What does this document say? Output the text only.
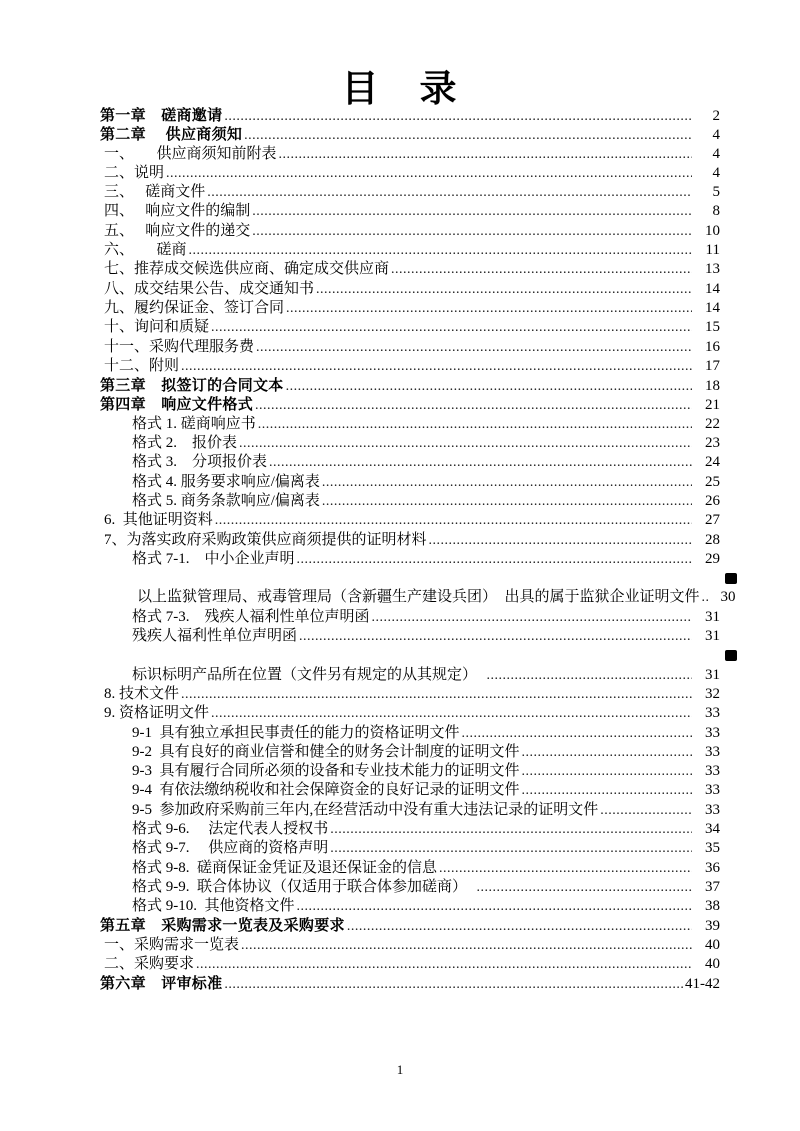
目　录
第一章　磋商邀请 .....	2
第二章　 供应商须知 .....	4
一、　　供应商须知前附表 .....	4
二、说明 .....	4
三、　 磋商文件 .....	5
四、　 响应文件的编制 .....	8
五、　 响应文件的递交 .....	10
六、　　磋商 .....	11
七、推荐成交候选供应商、确定成交供应商 .....	13
八、成交结果公告、成交通知书 .....	14
九、履约保证金、签订合同 .....	14
十、询问和质疑 .....	15
十一、采购代理服务费 .....	16
十二、附则 .....	17
第三章　拟签订的合同文本 .....	18
第四章　响应文件格式 .....	21
格式 1. 磋商响应书 .....	22
格式 2.　报价表 .....	23
格式 3.　分项报价表 .....	24
格式 4. 服务要求响应/偏离表 .....	25
格式 5. 商务条款响应/偏离表 .....	26
6.  其他证明资料 .....	27
7、为落实政府采购政策供应商须提供的证明材料 .....	28
格式 7-1.　中小企业声明 .....	29
以上监狱管理局、戒毒管理局（含新疆生产建设兵团）　出具的属于监狱企业证明文件 .....	30
格式 7-3.　残疾人福利性单位声明函 .....	31
残疾人福利性单位声明函 .....	31
标识标明产品所在位置（文件另有规定的从其规定）　 .....	31
8. 技术文件 .....	32
9. 资格证明文件 .....	33
9-1  具有独立承担民事责任的能力的资格证明文件 .....	33
9-2  具有良好的商业信誉和健全的财务会计制度的证明文件 .....	33
9-3  具有履行合同所必须的设备和专业技术能力的证明文件 .....	33
9-4  有依法缴纳税收和社会保障资金的良好记录的证明文件 .....	33
9-5  参加政府采购前三年内,在经营活动中没有重大违法记录的证明文件 .....	33
格式 9-6.　 法定代表人授权书 .....	34
格式 9-7.　 供应商的资格声明 .....	35
格式 9-8.  磋商保证金凭证及退还保证金的信息 .....	36
格式 9-9.  联合体协议（仅适用于联合体参加磋商）　 .....	37
格式 9-10.  其他资格文件 .....	38
第五章　采购需求一览表及采购要求 .....	39
一、采购需求一览表 .....	40
二、采购要求 .....	40
第六章　评审标准 .....	41-42
1
